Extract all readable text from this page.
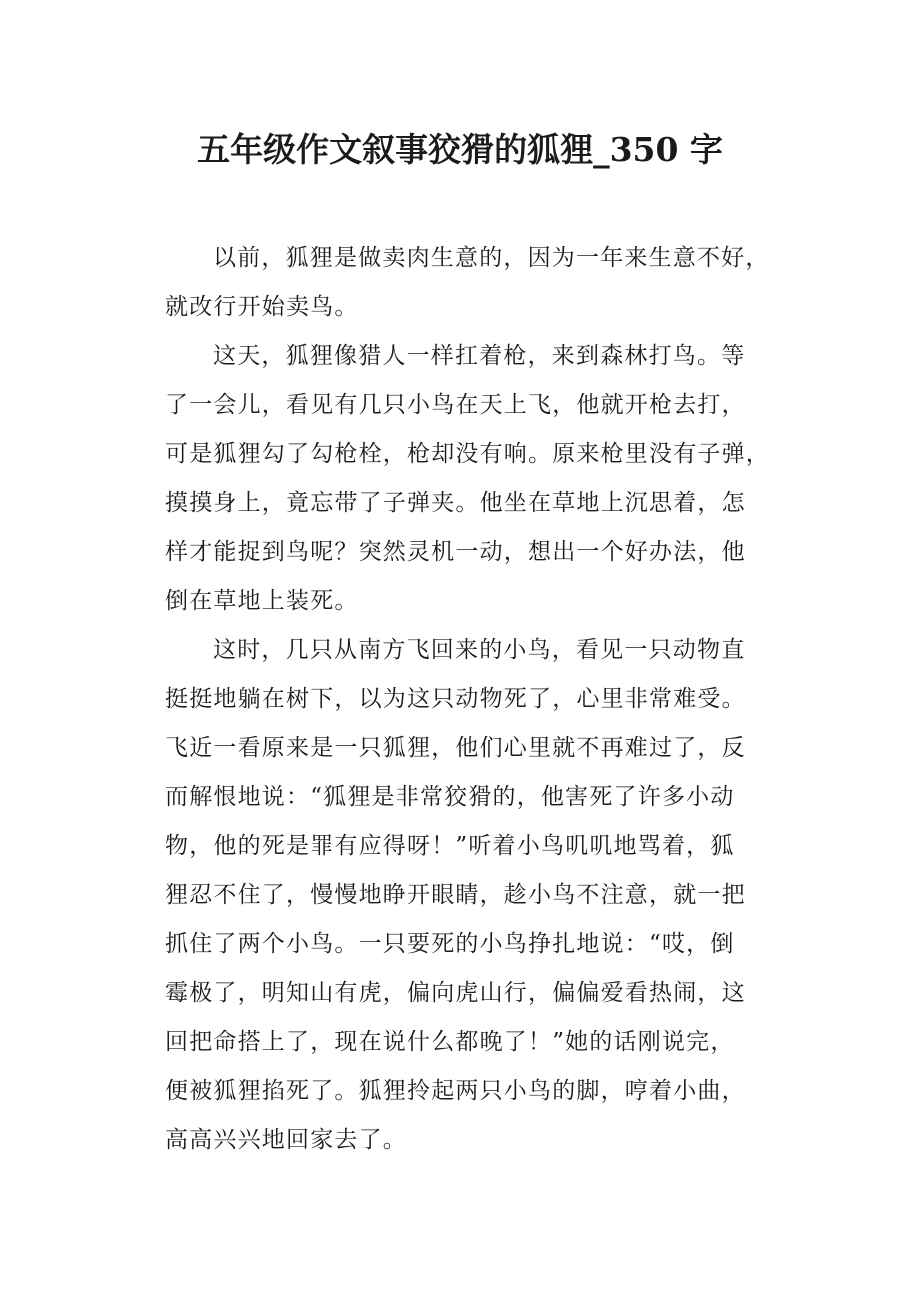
五年级作文叙事狡猾的狐狸_350 字
以前，狐狸是做卖肉生意的，因为一年来生意不好，
就改行开始卖鸟。
这天，狐狸像猎人一样扛着枪，来到森林打鸟。等
了一会儿，看见有几只小鸟在天上飞，他就开枪去打，
可是狐狸勾了勾枪栓，枪却没有响。原来枪里没有子弹，
摸摸身上，竟忘带了子弹夹。他坐在草地上沉思着，怎
样才能捉到鸟呢？突然灵机一动，想出一个好办法，他
倒在草地上装死。
这时，几只从南方飞回来的小鸟，看见一只动物直
挺挺地躺在树下，以为这只动物死了，心里非常难受。
飞近一看原来是一只狐狸，他们心里就不再难过了，反
而解恨地说：“狐狸是非常狡猾的，他害死了许多小动
物，他的死是罪有应得呀！”听着小鸟叽叽地骂着，狐
狸忍不住了，慢慢地睁开眼睛，趁小鸟不注意，就一把
抓住了两个小鸟。一只要死的小鸟挣扎地说：“哎，倒
霉极了，明知山有虎，偏向虎山行，偏偏爱看热闹，这
回把命搭上了，现在说什么都晚了！”她的话刚说完，
便被狐狸掐死了。狐狸拎起两只小鸟的脚，哼着小曲，
高高兴兴地回家去了。
